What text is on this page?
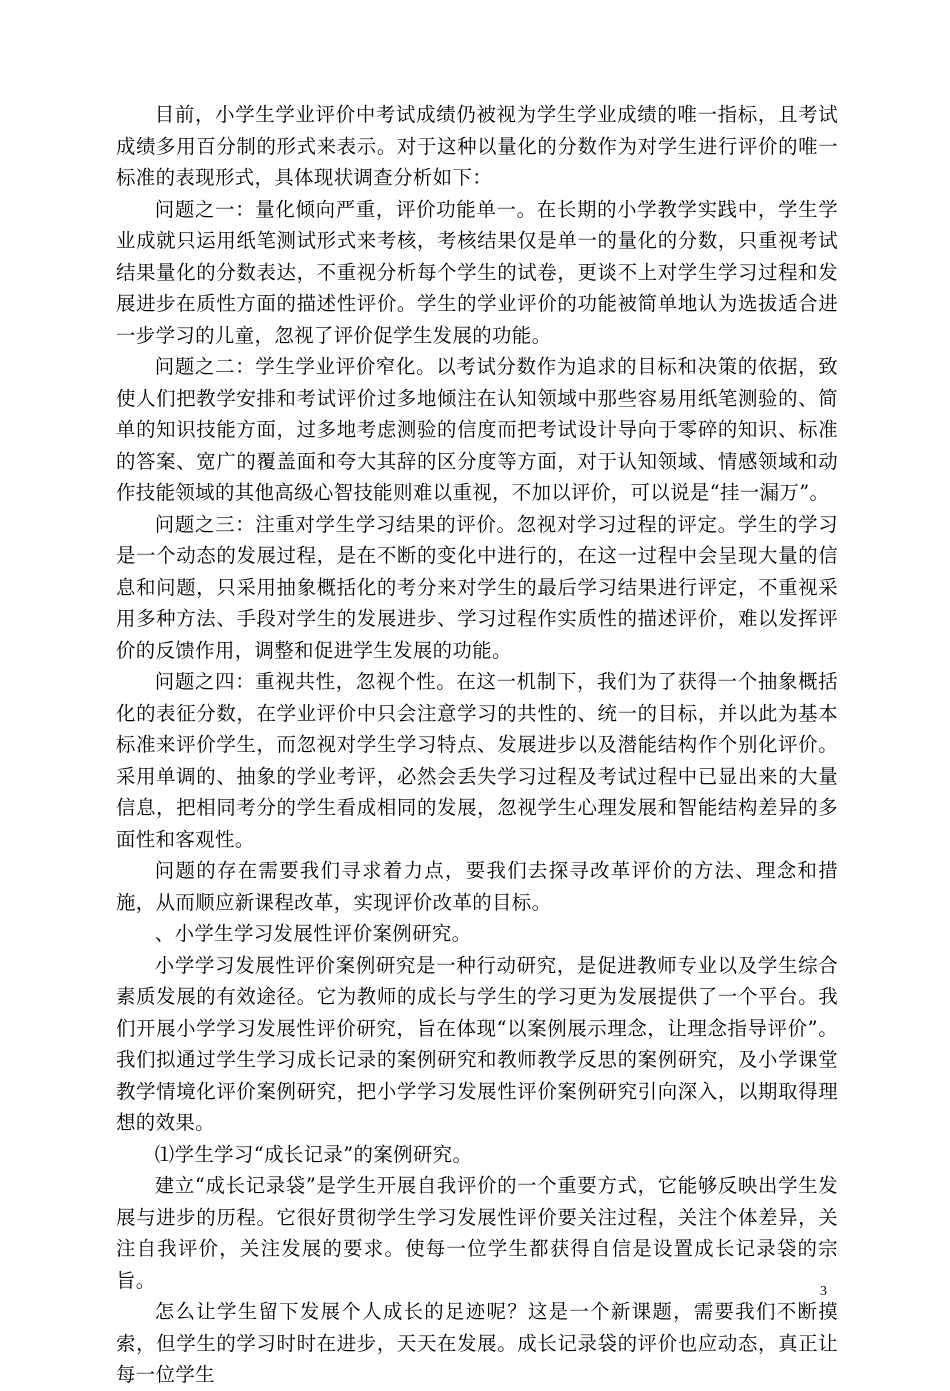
目前，小学生学业评价中考试成绩仍被视为学生学业成绩的唯一指标，且考试成绩多用百分制的形式来表示。对于这种以量化的分数作为对学生进行评价的唯一标准的表现形式，具体现状调查分析如下：

问题之一：量化倾向严重，评价功能单一。在长期的小学教学实践中，学生学业成就只运用纸笔测试形式来考核，考核结果仅是单一的量化的分数，只重视考试结果量化的分数表达，不重视分析每个学生的试卷，更谈不上对学生学习过程和发展进步在质性方面的描述性评价。学生的学业评价的功能被简单地认为选拔适合进一步学习的儿童，忽视了评价促学生发展的功能。

问题之二：学生学业评价窄化。以考试分数作为追求的目标和决策的依据，致使人们把教学安排和考试评价过多地倾注在认知领域中那些容易用纸笔测验的、简单的知识技能方面，过多地考虑测验的信度而把考试设计导向于零碎的知识、标准的答案、宽广的覆盖面和夸大其辞的区分度等方面，对于认知领域、情感领域和动作技能领域的其他高级心智技能则难以重视，不加以评价，可以说是“挂一漏万”。

问题之三：注重对学生学习结果的评价。忽视对学习过程的评定。学生的学习是一个动态的发展过程，是在不断的变化中进行的，在这一过程中会呈现大量的信息和问题，只采用抽象概括化的考分来对学生的最后学习结果进行评定，不重视采用多种方法、手段对学生的发展进步、学习过程作实质性的描述评价，难以发挥评价的反馈作用，调整和促进学生发展的功能。

问题之四：重视共性，忽视个性。在这一机制下，我们为了获得一个抽象概括化的表征分数，在学业评价中只会注意学习的共性的、统一的目标，并以此为基本标准来评价学生，而忽视对学生学习特点、发展进步以及潜能结构作个别化评价。采用单调的、抽象的学业考评，必然会丢失学习过程及考试过程中已显出来的大量信息，把相同考分的学生看成相同的发展，忽视学生心理发展和智能结构差异的多面性和客观性。

问题的存在需要我们寻求着力点，要我们去探寻改革评价的方法、理念和措施，从而顺应新课程改革，实现评价改革的目标。

、小学生学习发展性评价案例研究。

小学学习发展性评价案例研究是一种行动研究，是促进教师专业以及学生综合素质发展的有效途径。它为教师的成长与学生的学习更为发展提供了一个平台。我们开展小学学习发展性评价研究，旨在体现“以案例展示理念，让理念指导评价”。我们拟通过学生学习成长记录的案例研究和教师教学反思的案例研究，及小学课堂教学情境化评价案例研究，把小学学习发展性评价案例研究引向深入，以期取得理想的效果。

⑴学生学习“成长记录”的案例研究。

建立“成长记录袋”是学生开展自我评价的一个重要方式，它能够反映出学生发展与进步的历程。它很好贯彻学生学习发展性评价要关注过程，关注个体差异，关注自我评价，关注发展的要求。使每一位学生都获得自信是设置成长记录袋的宗旨。

怎么让学生留下发展个人成长的足迹呢？这是一个新课题，需要我们不断摸索，但学生的学习时时在进步，天天在发展。成长记录袋的评价也应动态，真正让每一位学生

3
